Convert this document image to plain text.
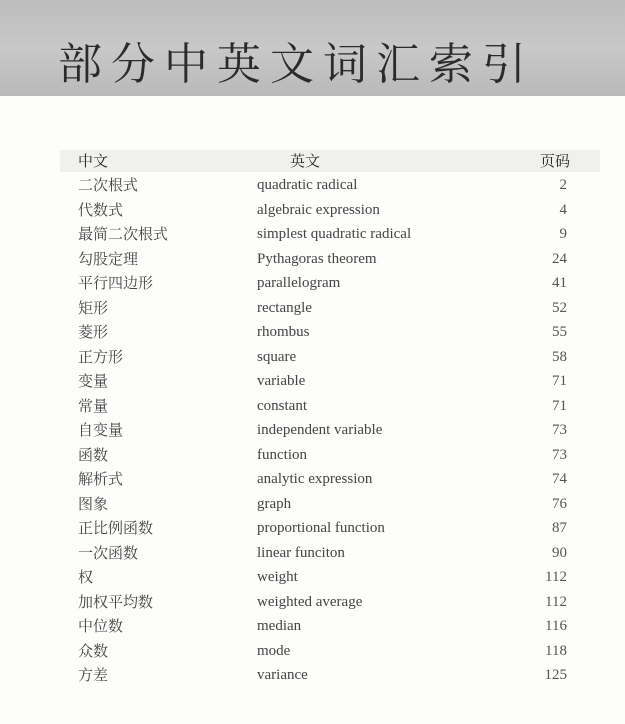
部分中英文词汇索引
中文	英文	页码
二次根式	quadratic radical	2
代数式	algebraic expression	4
最简二次根式	simplest quadratic radical	9
勾股定理	Pythagoras theorem	24
平行四边形	parallelogram	41
矩形	rectangle	52
菱形	rhombus	55
正方形	square	58
变量	variable	71
常量	constant	71
自变量	independent variable	73
函数	function	73
解析式	analytic expression	74
图象	graph	76
正比例函数	proportional function	87
一次函数	linear funciton	90
权	weight	112
加权平均数	weighted average	112
中位数	median	116
众数	mode	118
方差	variance	125
